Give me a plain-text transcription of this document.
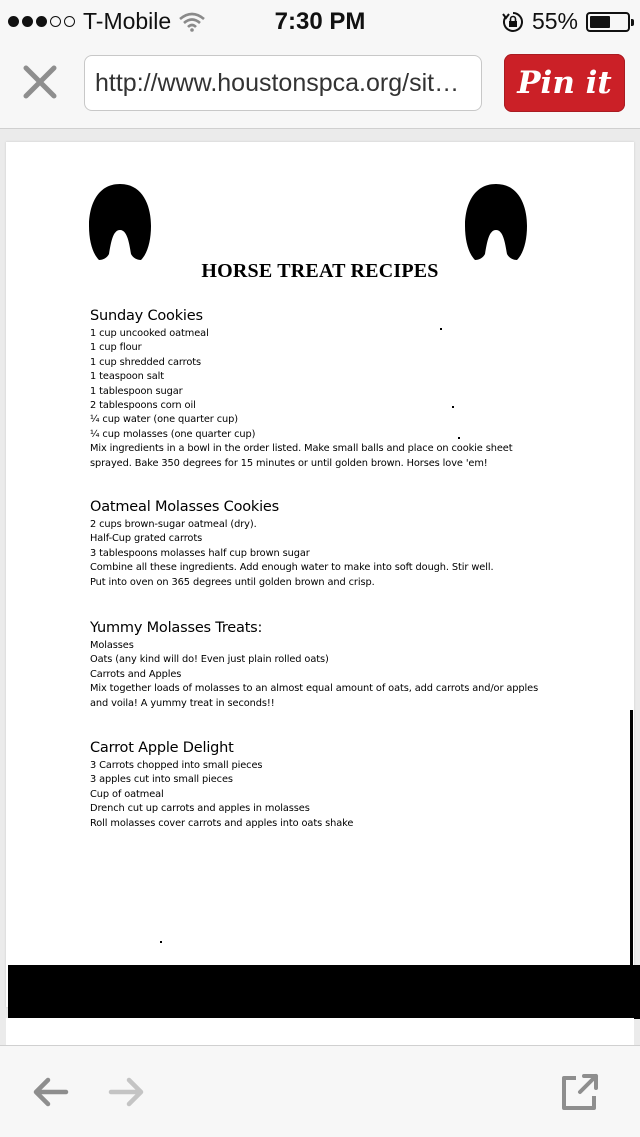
T-Mobile	7:30 PM	55%
http://www.houstonspca.org/sit…	Pin it
HORSE TREAT RECIPES
Sunday Cookies
1 cup uncooked oatmeal
1 cup flour
1 cup shredded carrots
1 teaspoon salt
1 tablespoon sugar
2 tablespoons corn oil
¼ cup water (one quarter cup)
¼ cup molasses (one quarter cup)
Mix ingredients in a bowl in the order listed. Make small balls and place on cookie sheet
sprayed. Bake 350 degrees for 15 minutes or until golden brown. Horses love 'em!
Oatmeal Molasses Cookies
2 cups brown-sugar oatmeal (dry).
Half-Cup grated carrots
3 tablespoons molasses half cup brown sugar
Combine all these ingredients. Add enough water to make into soft dough. Stir well.
Put into oven on 365 degrees until golden brown and crisp.
Yummy Molasses Treats:
Molasses
Oats (any kind will do! Even just plain rolled oats)
Carrots and Apples
Mix together loads of molasses to an almost equal amount of oats, add carrots and/or apples
and voila! A yummy treat in seconds!!
Carrot Apple Delight
3 Carrots chopped into small pieces
3 apples cut into small pieces
Cup of oatmeal
Drench cut up carrots and apples in molasses
Roll molasses cover carrots and apples into oats shake
